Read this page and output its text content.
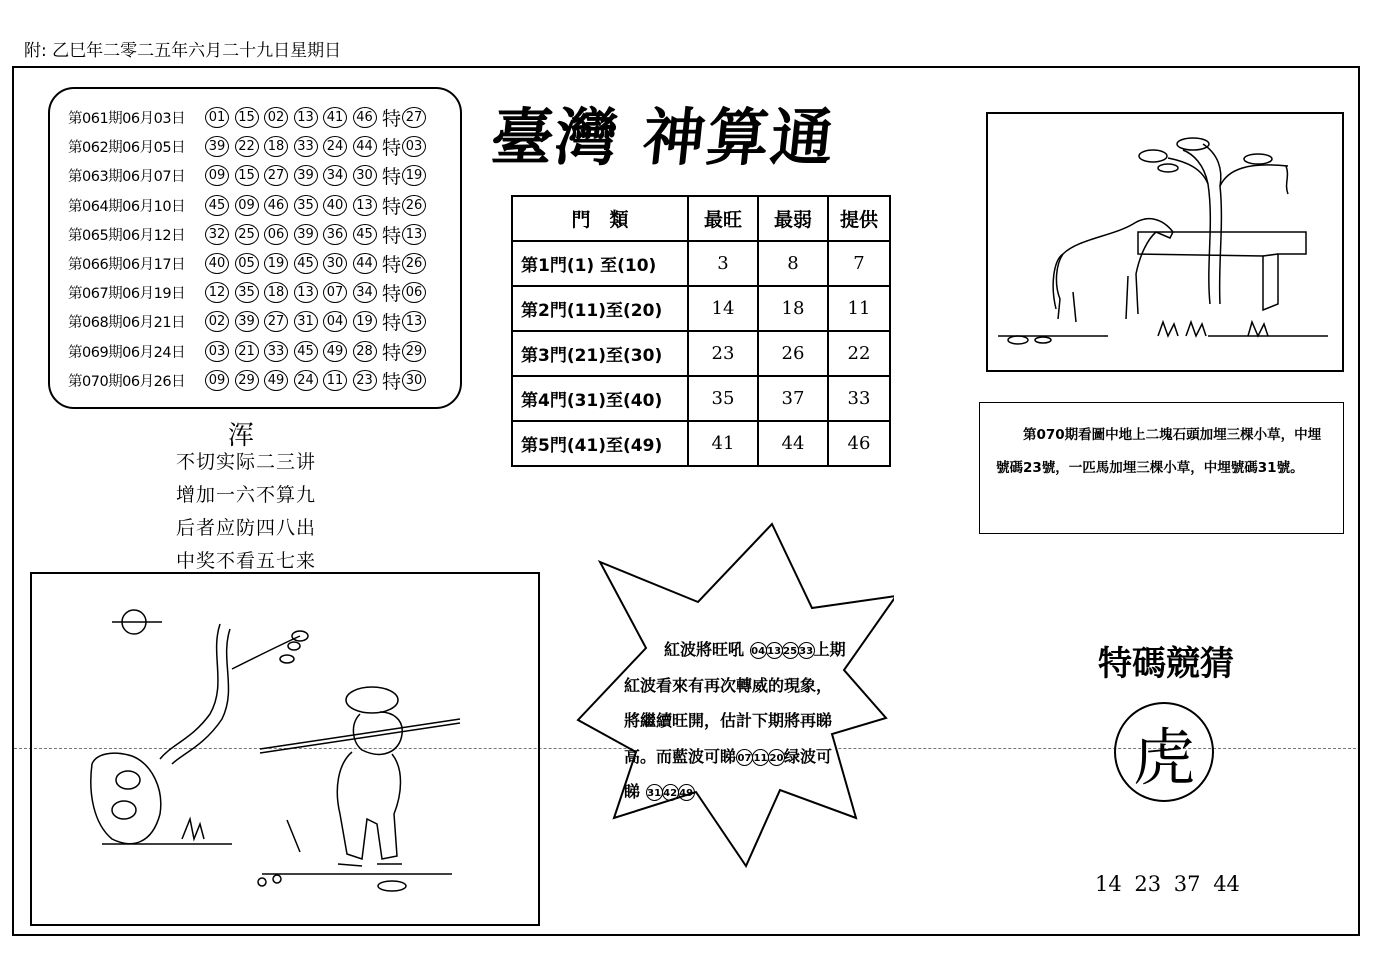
附: 乙巳年二零二五年六月二十九日星期日
第061期06月03日	01 15 02 13 41 46 特 27
第062期06月05日	39 22 18 33 24 44 特 03
第063期06月07日	09 15 27 39 34 30 特 19
第064期06月10日	45 09 46 35 40 13 特 26
第065期06月12日	32 25 06 39 36 45 特 13
第066期06月17日	40 05 19 45 30 44 特 26
第067期06月19日	12 35 18 13 07 34 特 06
第068期06月21日	02 39 27 31 04 19 特 13
第069期06月24日	03 21 33 45 49 28 特 29
第070期06月26日	09 29 49 24 11 23 特 30
浑
不切实际二三讲
增加一六不算九
后者应防四八出
中奖不看五七来
臺灣 神算通
門　類	最旺	最弱	提供
第1門(1) 至(10)	3	8	7
第2門(11)至(20)	14	18	11
第3門(21)至(30)	23	26	22
第4門(31)至(40)	35	37	33
第5門(41)至(49)	41	44	46	　　第070期看圖中地上二塊石頭加埋三棵小草，中埋號碼23號，一匹馬加埋三棵小草，中埋號碼31號。
紅波將旺吼 04 13 25 33上期
紅波看來有再次轉威的現象，
將繼續旺開，估計下期將再睇
高。而藍波可睇 07 11 20绿波可
睇 31 42 49
特碼競猜
虎
14 23 37 44
